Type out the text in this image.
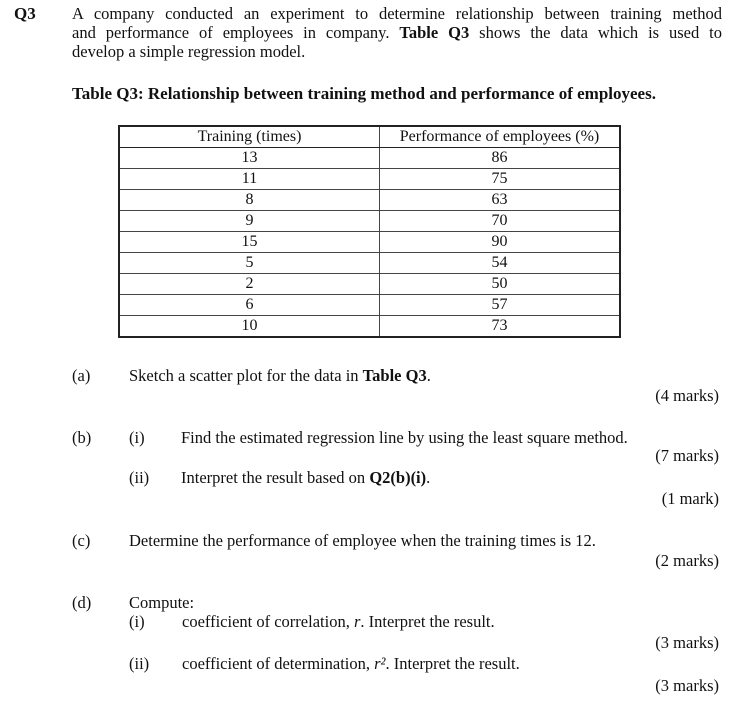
Q3 A company conducted an experiment to determine relationship between training method
and performance of employees in company. Table Q3 shows the data which is used to
develop a simple regression model.
Table Q3: Relationship between training method and performance of employees.
Training (times)	Performance of employees (%)
13	86
11	75
8	63
9	70
15	90
5	54
2	50
6	57
10	73
(a) Sketch a scatter plot for the data in Table Q3.
(4 marks)
(b) (i) Find the estimated regression line by using the least square method.
(7 marks)
(ii) Interpret the result based on Q2(b)(i).
(1 mark)
(c) Determine the performance of employee when the training times is 12.
(2 marks)
(d) Compute:
(i) coefficient of correlation, r. Interpret the result.
(3 marks)
(ii) coefficient of determination, r². Interpret the result.
(3 marks)
